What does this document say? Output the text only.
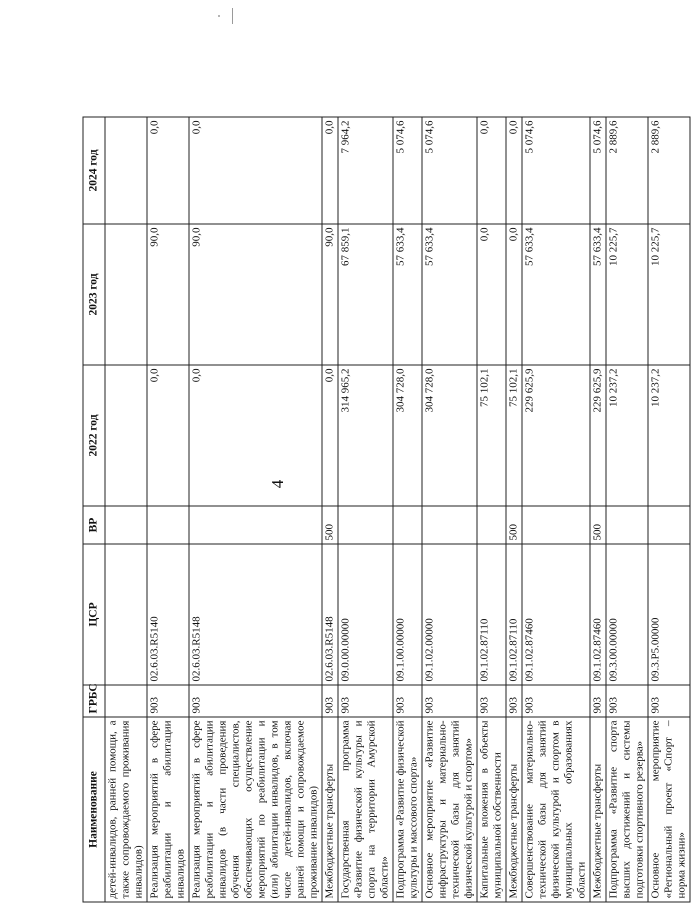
4
Наименование	ГРБС	ЦСР	ВР	2022 год	2023 год	2024 год
детей-инвалидов, ранней помощи, а также сопровождаемого проживания инвалидов)						
Реализация мероприятий в сфере реабилитации и абилитации инвалидов	903	02.6.03.R5140		0,0	90,0	0,0
Реализация мероприятий в сфере реабилитации и абилитации инвалидов (в части проведения обучения специалистов, обеспечивающих осуществление мероприятий по реабилитации и (или) абилитации инвалидов, в том числе детей-инвалидов, включая ранней помощи и сопровождаемое проживание инвалидов)	903	02.6.03.R5148		0,0	90,0	0,0
Межбюджетные трансферты	903	02.6.03.R5148	500	0,0	90,0	0,0
Государственная программа «Развитие физической культуры и спорта на территории Амурской области»	903	09.0.00.00000		314 965,2	67 859,1	7 964,2
Подпрограмма «Развитие физической культуры и массового спорта»	903	09.1.00.00000		304 728,0	57 633,4	5 074,6
Основное мероприятие «Развитие инфраструктуры и материально-технической базы для занятий физической культурой и спортом»	903	09.1.02.00000		304 728,0	57 633,4	5 074,6
Капитальные вложения в объекты муниципальной собственности	903	09.1.02.87110		75 102,1	0,0	0,0
Межбюджетные трансферты	903	09.1.02.87110	500	75 102,1	0,0	0,0
Совершенствование материально-технической базы для занятий физической культурой и спортом в муниципальных образованиях области	903	09.1.02.87460		229 625,9	57 633,4	5 074,6
Межбюджетные трансферты	903	09.1.02.87460	500	229 625,9	57 633,4	5 074,6
Подпрограмма «Развитие спорта высших достижений и системы подготовки спортивного резерва»	903	09.3.00.00000		10 237,2	10 225,7	2 889,6
Основное мероприятие «Региональный проект «Спорт – норма жизни»	903	09.3.P5.00000		10 237,2	10 225,7	2 889,6
